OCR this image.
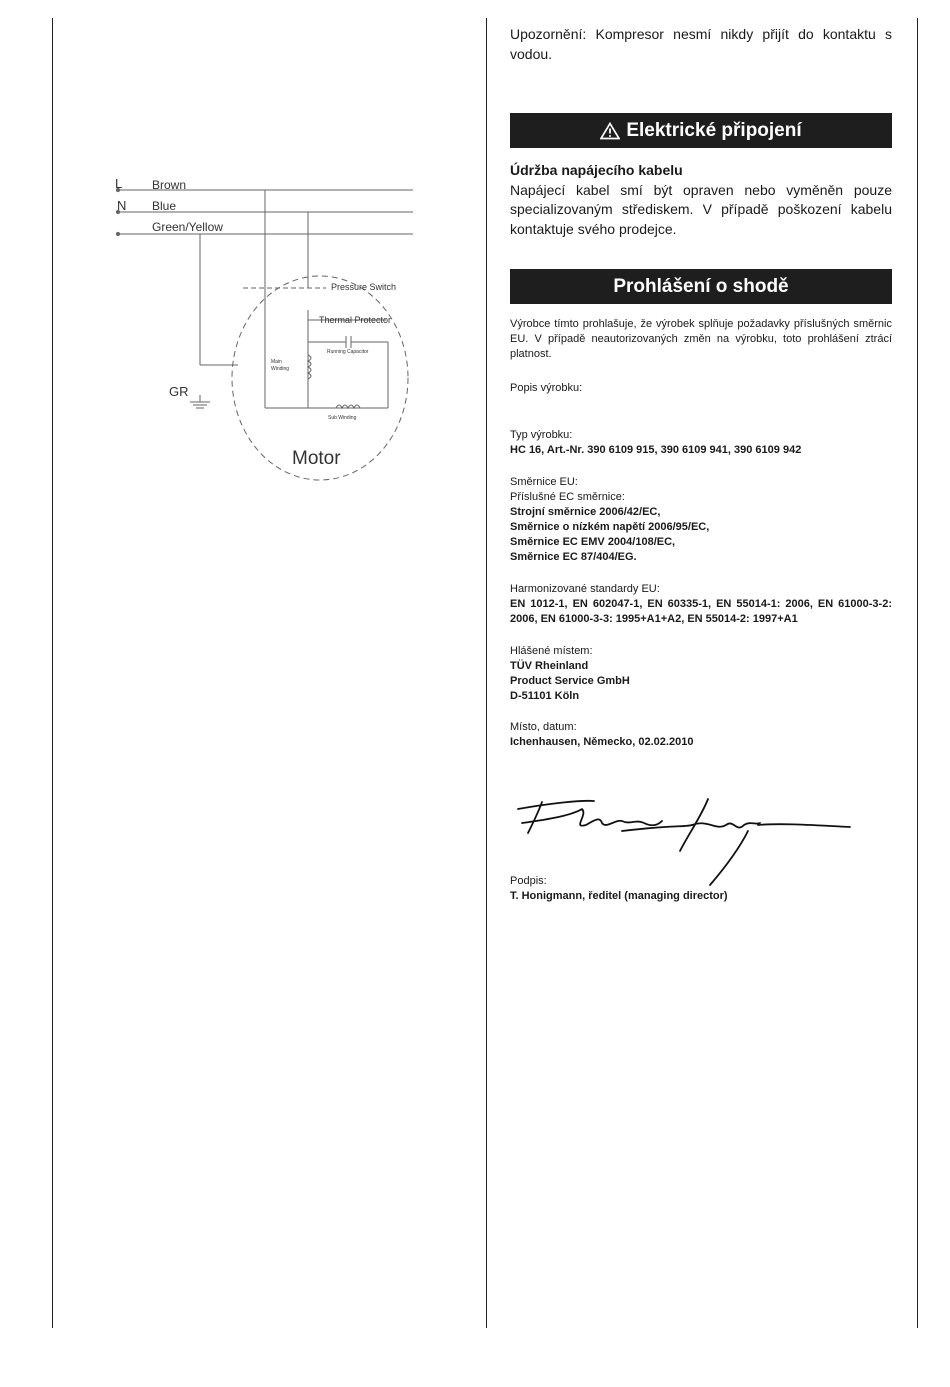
L
N
Brown
Blue
Green/Yellow
Pressure Switch
Thermal Protector
Running Capacitor
Main
Winding
Sub Winding
GR
Motor

Upozornění: Kompresor nesmí nikdy přijít do kontaktu s vodou.

Elektrické připojení

Údržba napájecího kabelu

Napájecí kabel smí být opraven nebo vyměněn pouze specializovaným střediskem. V případě poškození kabelu kontaktuje svého prodejce.

Prohlášení o shodě

Výrobce tímto prohlašuje, že výrobek splňuje požadavky příslušných směrnic EU. V případě neautorizovaných změn na výrobku, toto prohlášení ztrácí platnost.

Popis výrobku:

Typ výrobku:

HC 16, Art.-Nr. 390 6109 915, 390 6109 941, 390 6109 942

Směrnice EU:

Příslušné EC směrnice:

Strojní směrnice 2006/42/EC,

Směrnice o nízkém napětí 2006/95/EC,

Směrnice EC EMV 2004/108/EC,

Směrnice EC 87/404/EG.

Harmonizované standardy EU:

EN 1012-1, EN 602047-1, EN 60335-1, EN 55014-1: 2006, EN 61000-3-2: 2006, EN 61000-3-3: 1995+A1+A2, EN 55014-2: 1997+A1

Hlášené místem:

TÜV Rheinland

Product Service GmbH

D-51101 Köln

Místo, datum:

Ichenhausen, Německo, 02.02.2010

Podpis:

T. Honigmann, ředitel (managing director)
